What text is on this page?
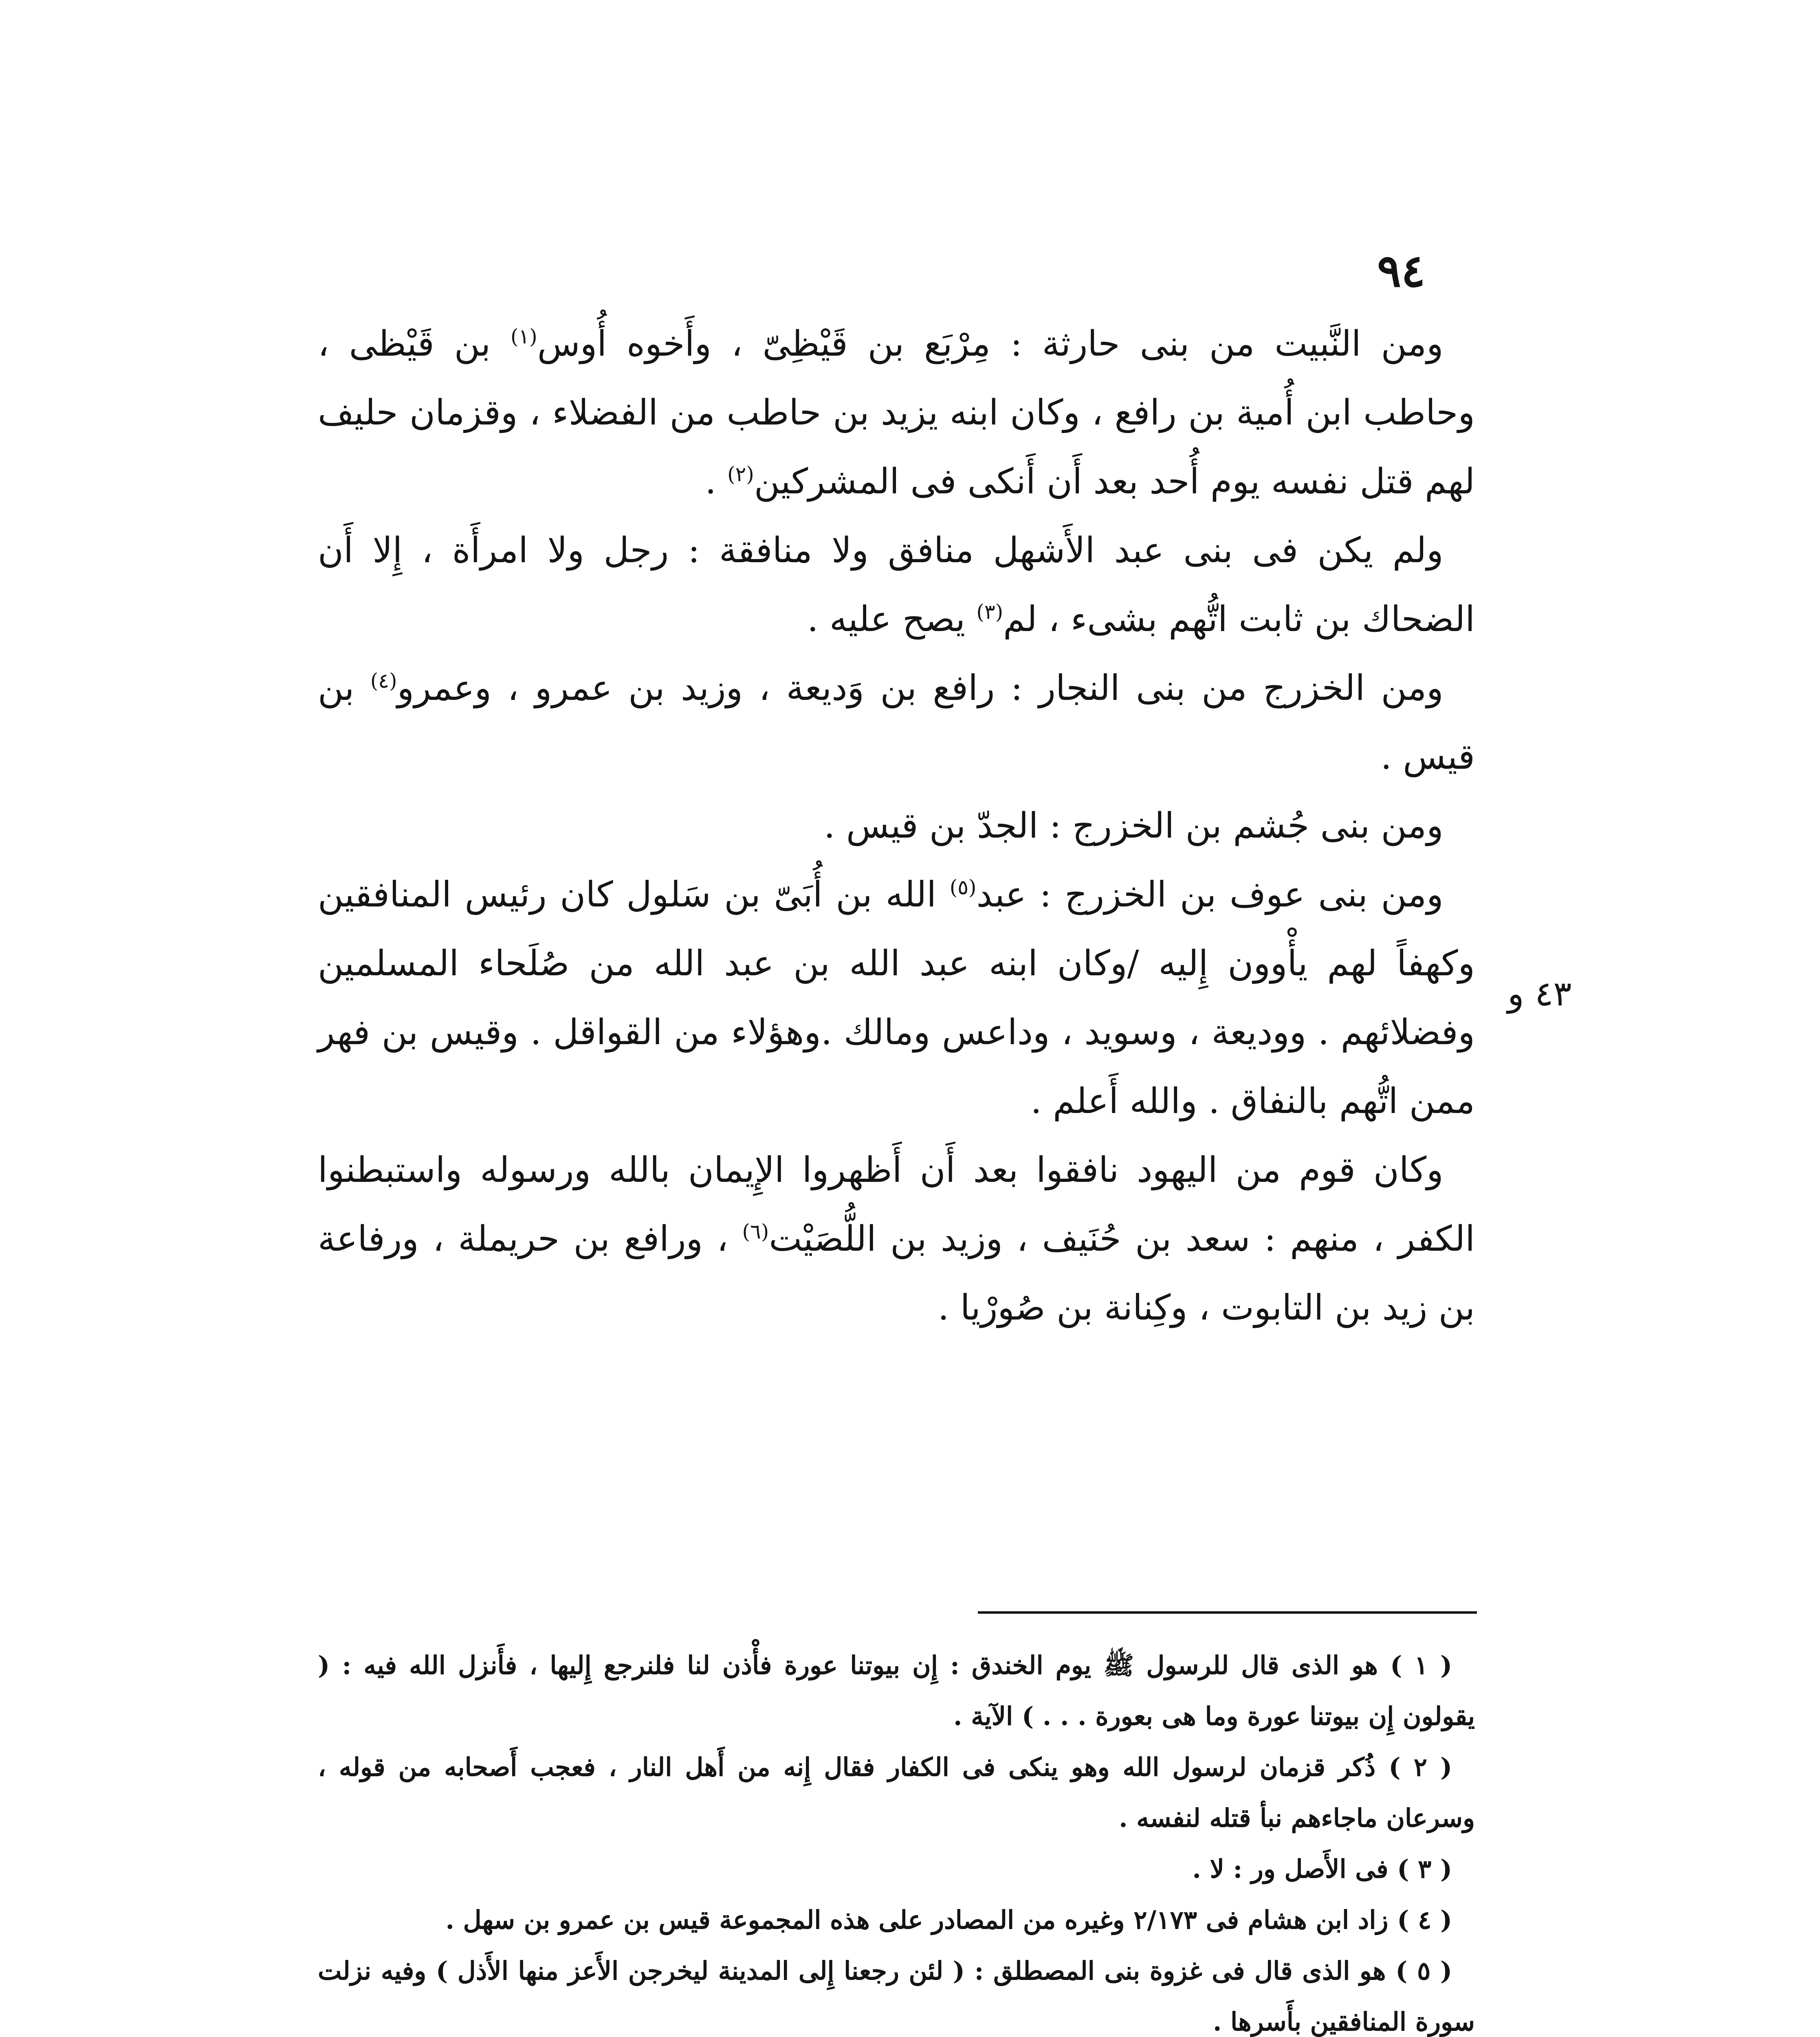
٩٤

ومن النَّبيت من بنى حارثة : مِرْبَع بن قَيْظِىّ ، وأَخوه أُوس$^{(١)}$ بن قَيْظى ، وحاطب ابن أُمية بن رافع ، وكان ابنه يزيد بن حاطب من الفضلاء ، وقزمان حليف لهم قتل نفسه يوم أُحد بعد أَن أَنكى فى المشركين$^{(٢)}$ .

ولم يكن فى بنى عبد الأَشهل منافق ولا منافقة : رجل ولا امرأَة ، إِلا أَن الضحاك بن ثابت اتُّهم بشىء ، لم$^{(٣)}$ يصح عليه .

ومن الخزرج من بنى النجار : رافع بن وَديعة ، وزيد بن عمرو ، وعمرو$^{(٤)}$ بن قيس .

ومن بنى جُشم بن الخزرج : الجدّ بن قيس .

ومن بنى عوف بن الخزرج : عبد$^{(٥)}$ الله بن أُبَىّ بن سَلول كان رئيس المنافقين وكهفاً لهم يأْوون إِليه /وكان ابنه عبد الله بن عبد الله من صُلَحاء المسلمين وفضلائهم . ووديعة ، وسويد ، وداعس ومالك .وهؤلاء من القواقل . وقيس بن فهر ممن اتُّهم بالنفاق . والله أَعلم .

وكان قوم من اليهود نافقوا بعد أَن أَظهروا الإِيمان بالله ورسوله واستبطنوا الكفر ، منهم : سعد بن حُنَيف ، وزيد بن اللُّصَيْت$^{(٦)}$ ، ورافع بن حريملة ، ورفاعة بن زيد بن التابوت ، وكِنانة بن صُورْيا .

٤٣ و

( ١ ) هو الذى قال للرسول ﷺ يوم الخندق : إِن بيوتنا عورة فأْذن لنا فلنرجع إِليها ، فأَنزل الله فيه : ( يقولون إِن بيوتنا عورة وما هى بعورة . . . ) الآية .

( ٢ ) ذُكر قزمان لرسول الله وهو ينكى فى الكفار فقال إِنه من أَهل النار ، فعجب أَصحابه من قوله ، وسرعان ماجاءهم نبأ قتله لنفسه .

( ٣ ) فى الأَصل ور : لا .

( ٤ ) زاد ابن هشام فى ٢/١٧٣ وغيره من المصادر على هذه المجموعة قيس بن عمرو بن سهل .

( ٥ ) هو الذى قال فى غزوة بنى المصطلق : ( لئن رجعنا إِلى المدينة ليخرجن الأَعز منها الأَذل ) وفيه نزلت سورة المنافقين بأَسرها .
